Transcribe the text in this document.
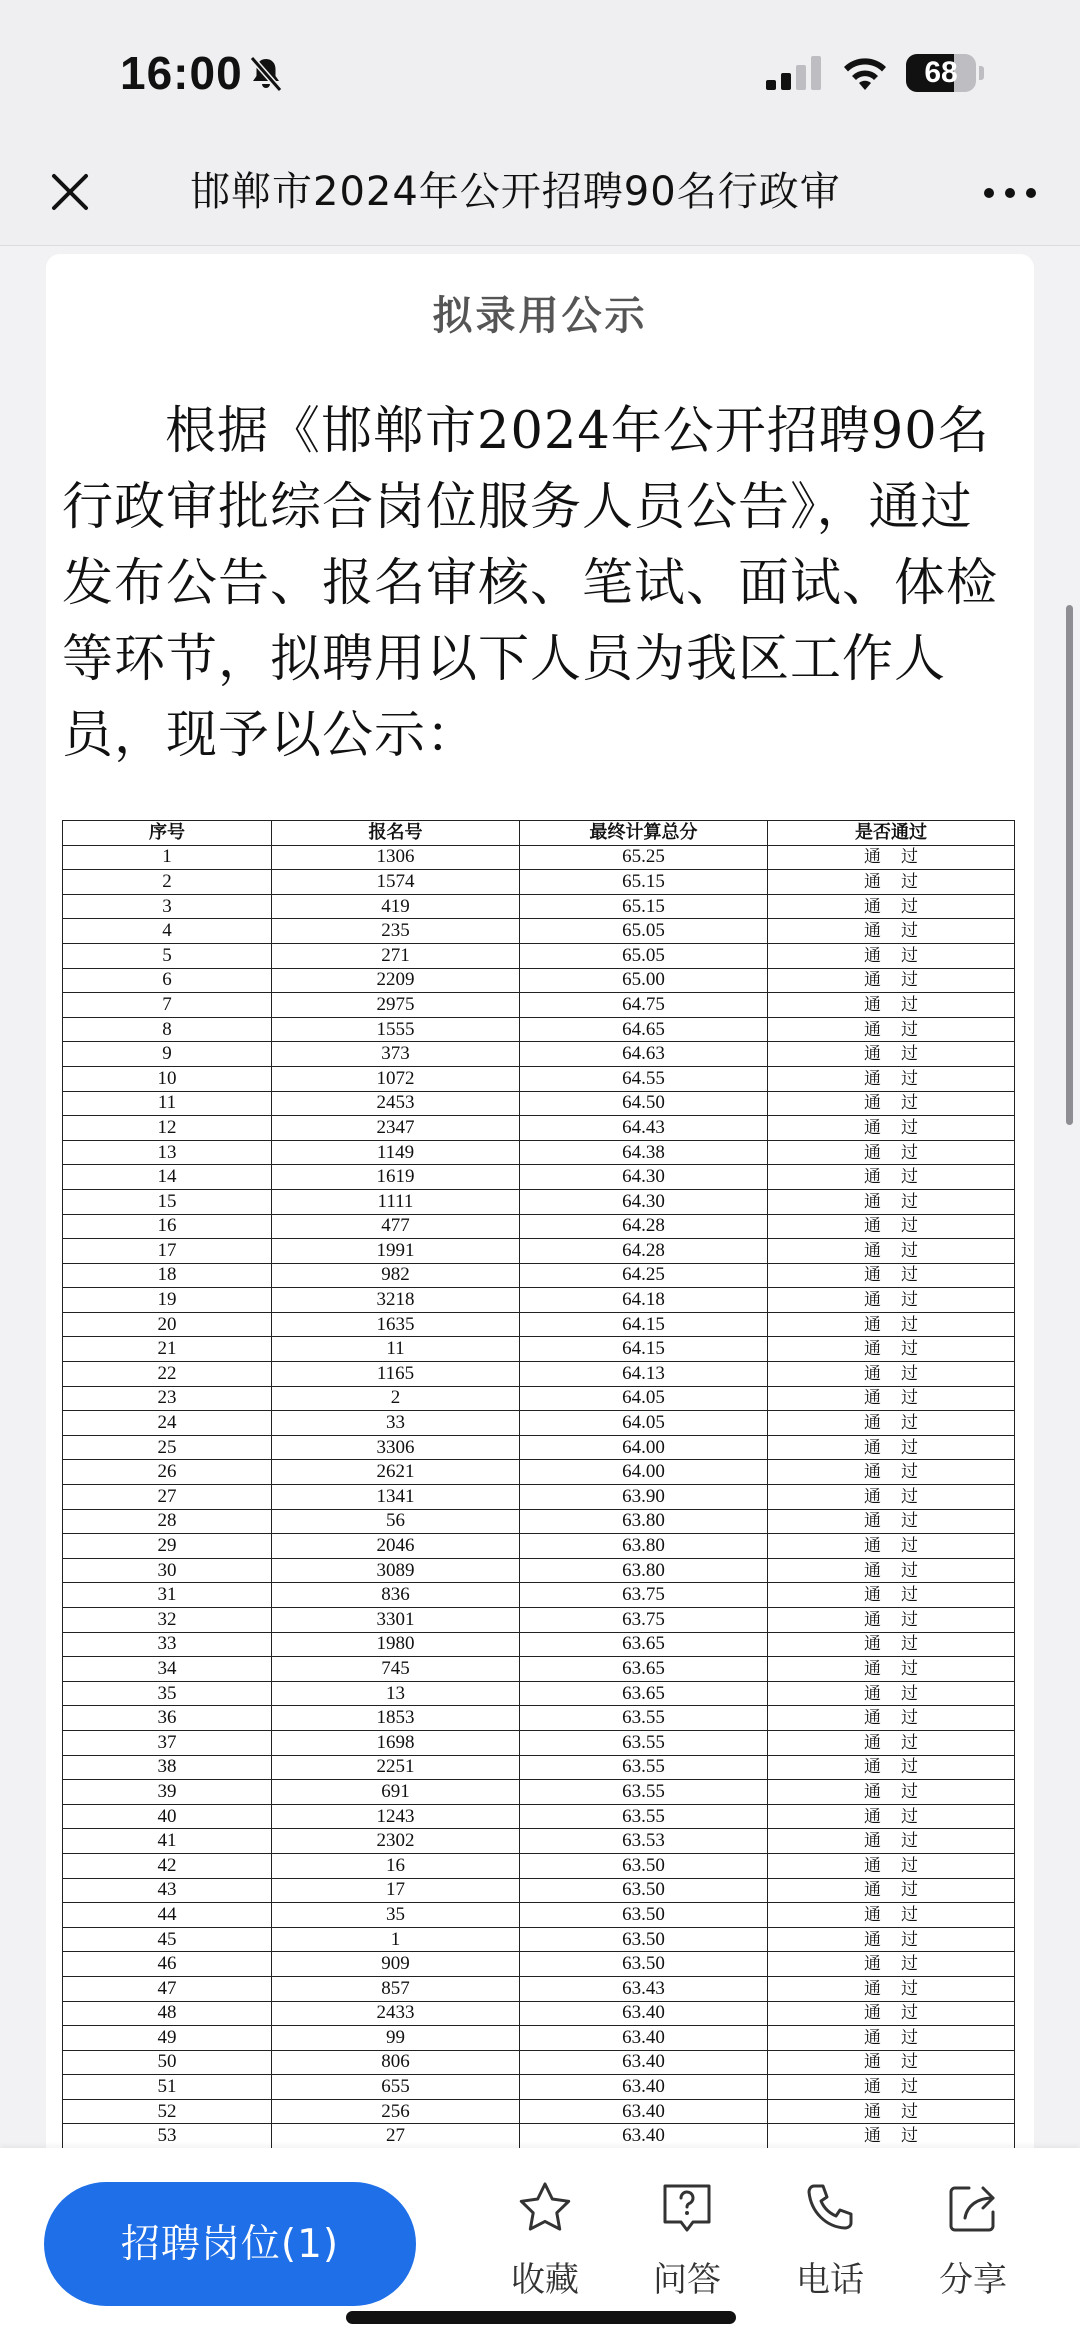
16:00	68
邯郸市2024年公开招聘90名行政审
拟录用公示
根据《邯郸市2024年公开招聘90名行政审批综合岗位服务人员公告》，通过发布公告、报名审核、笔试、面试、体检等环节，拟聘用以下人员为我区工作人员，现予以公示：
序号	报名号	最终计算总分	是否通过
1	1306	65.25	通过
2	1574	65.15	通过
3	419	65.15	通过
4	235	65.05	通过
5	271	65.05	通过
6	2209	65.00	通过
7	2975	64.75	通过
8	1555	64.65	通过
9	373	64.63	通过
10	1072	64.55	通过
11	2453	64.50	通过
12	2347	64.43	通过
13	1149	64.38	通过
14	1619	64.30	通过
15	1111	64.30	通过
16	477	64.28	通过
17	1991	64.28	通过
18	982	64.25	通过
19	3218	64.18	通过
20	1635	64.15	通过
21	11	64.15	通过
22	1165	64.13	通过
23	2	64.05	通过
24	33	64.05	通过
25	3306	64.00	通过
26	2621	64.00	通过
27	1341	63.90	通过
28	56	63.80	通过
29	2046	63.80	通过
30	3089	63.80	通过
31	836	63.75	通过
32	3301	63.75	通过
33	1980	63.65	通过
34	745	63.65	通过
35	13	63.65	通过
36	1853	63.55	通过
37	1698	63.55	通过
38	2251	63.55	通过
39	691	63.55	通过
40	1243	63.55	通过
41	2302	63.53	通过
42	16	63.50	通过
43	17	63.50	通过
44	35	63.50	通过
45	1	63.50	通过
46	909	63.50	通过
47	857	63.43	通过
48	2433	63.40	通过
49	99	63.40	通过
50	806	63.40	通过
51	655	63.40	通过
52	256	63.40	通过
53	27	63.40	通过
招聘岗位(1)
收藏	问答	电话	分享
